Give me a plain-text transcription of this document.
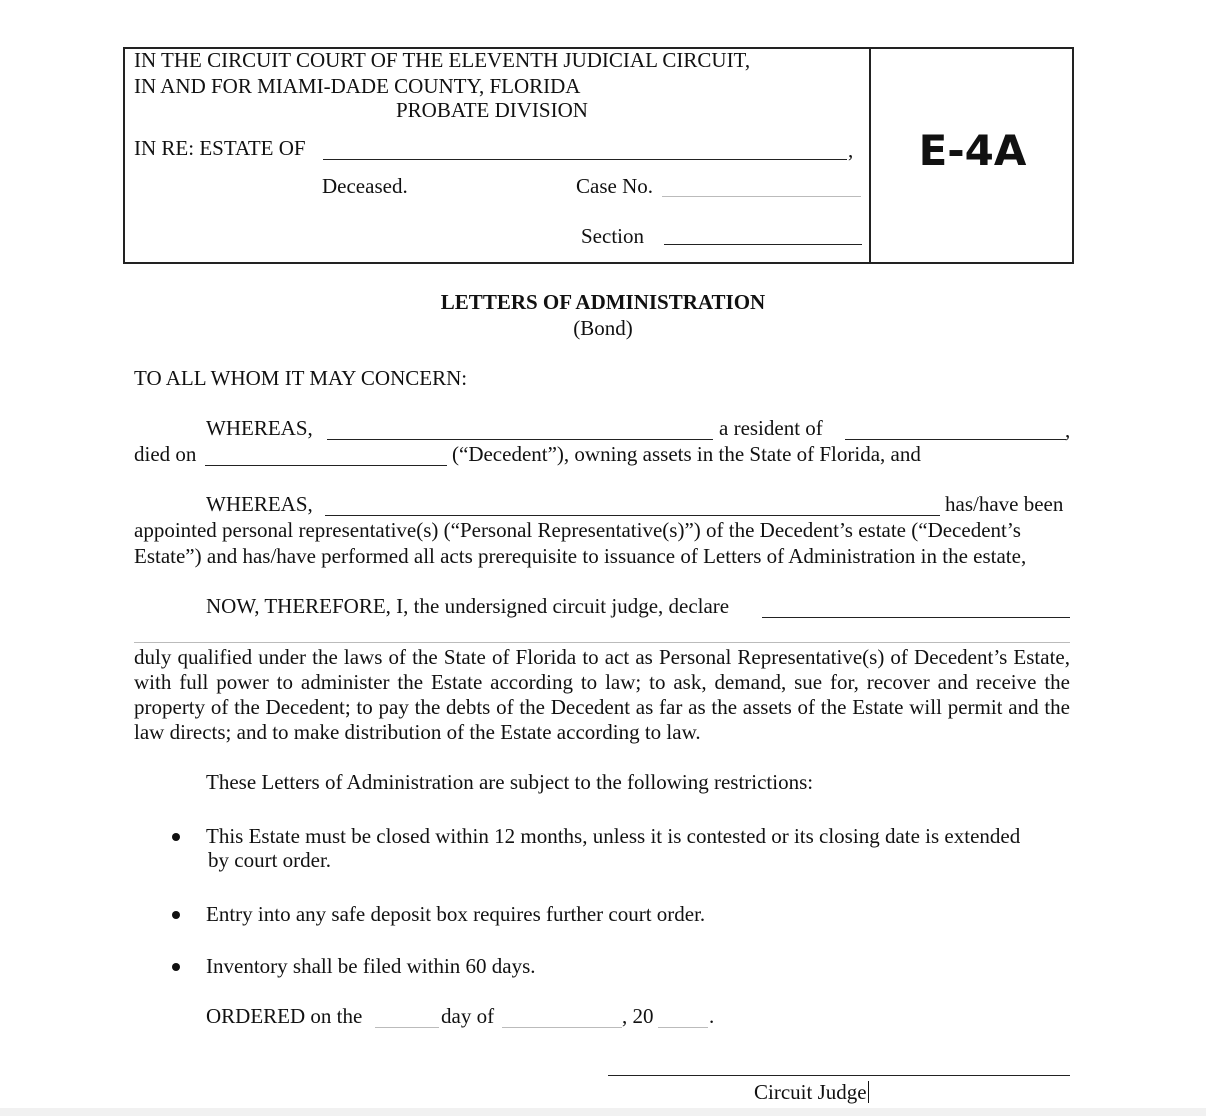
IN THE CIRCUIT COURT OF THE ELEVENTH JUDICIAL CIRCUIT,
IN AND FOR MIAMI-DADE COUNTY, FLORIDA
PROBATE DIVISION
IN RE: ESTATE OF	,
Deceased.	Case No.
Section
E-4A
LETTERS OF ADMINISTRATION
(Bond)
TO ALL WHOM IT MAY CONCERN:
WHEREAS,	a resident of	,
died on	(“Decedent”), owning assets in the State of Florida, and
WHEREAS,	has/have been
appointed personal representative(s) (“Personal Representative(s)”) of the Decedent’s estate (“Decedent’s
Estate”) and has/have performed all acts prerequisite to issuance of Letters of Administration in the estate,
NOW, THEREFORE, I, the undersigned circuit judge, declare
duly qualified under the laws of the State of Florida to act as Personal Representative(s) of Decedent’s Estate, with full power to administer the Estate according to law; to ask, demand, sue for, recover and receive the property of the Decedent; to pay the debts of the Decedent as far as the assets of the Estate will permit and the law directs; and to make distribution of the Estate according to law.
These Letters of Administration are subject to the following restrictions:
This Estate must be closed within 12 months, unless it is contested or its closing date is extended
by court order.
Entry into any safe deposit box requires further court order.
Inventory shall be filed within 60 days.
ORDERED on the	day of	, 20	.
Circuit Judge
